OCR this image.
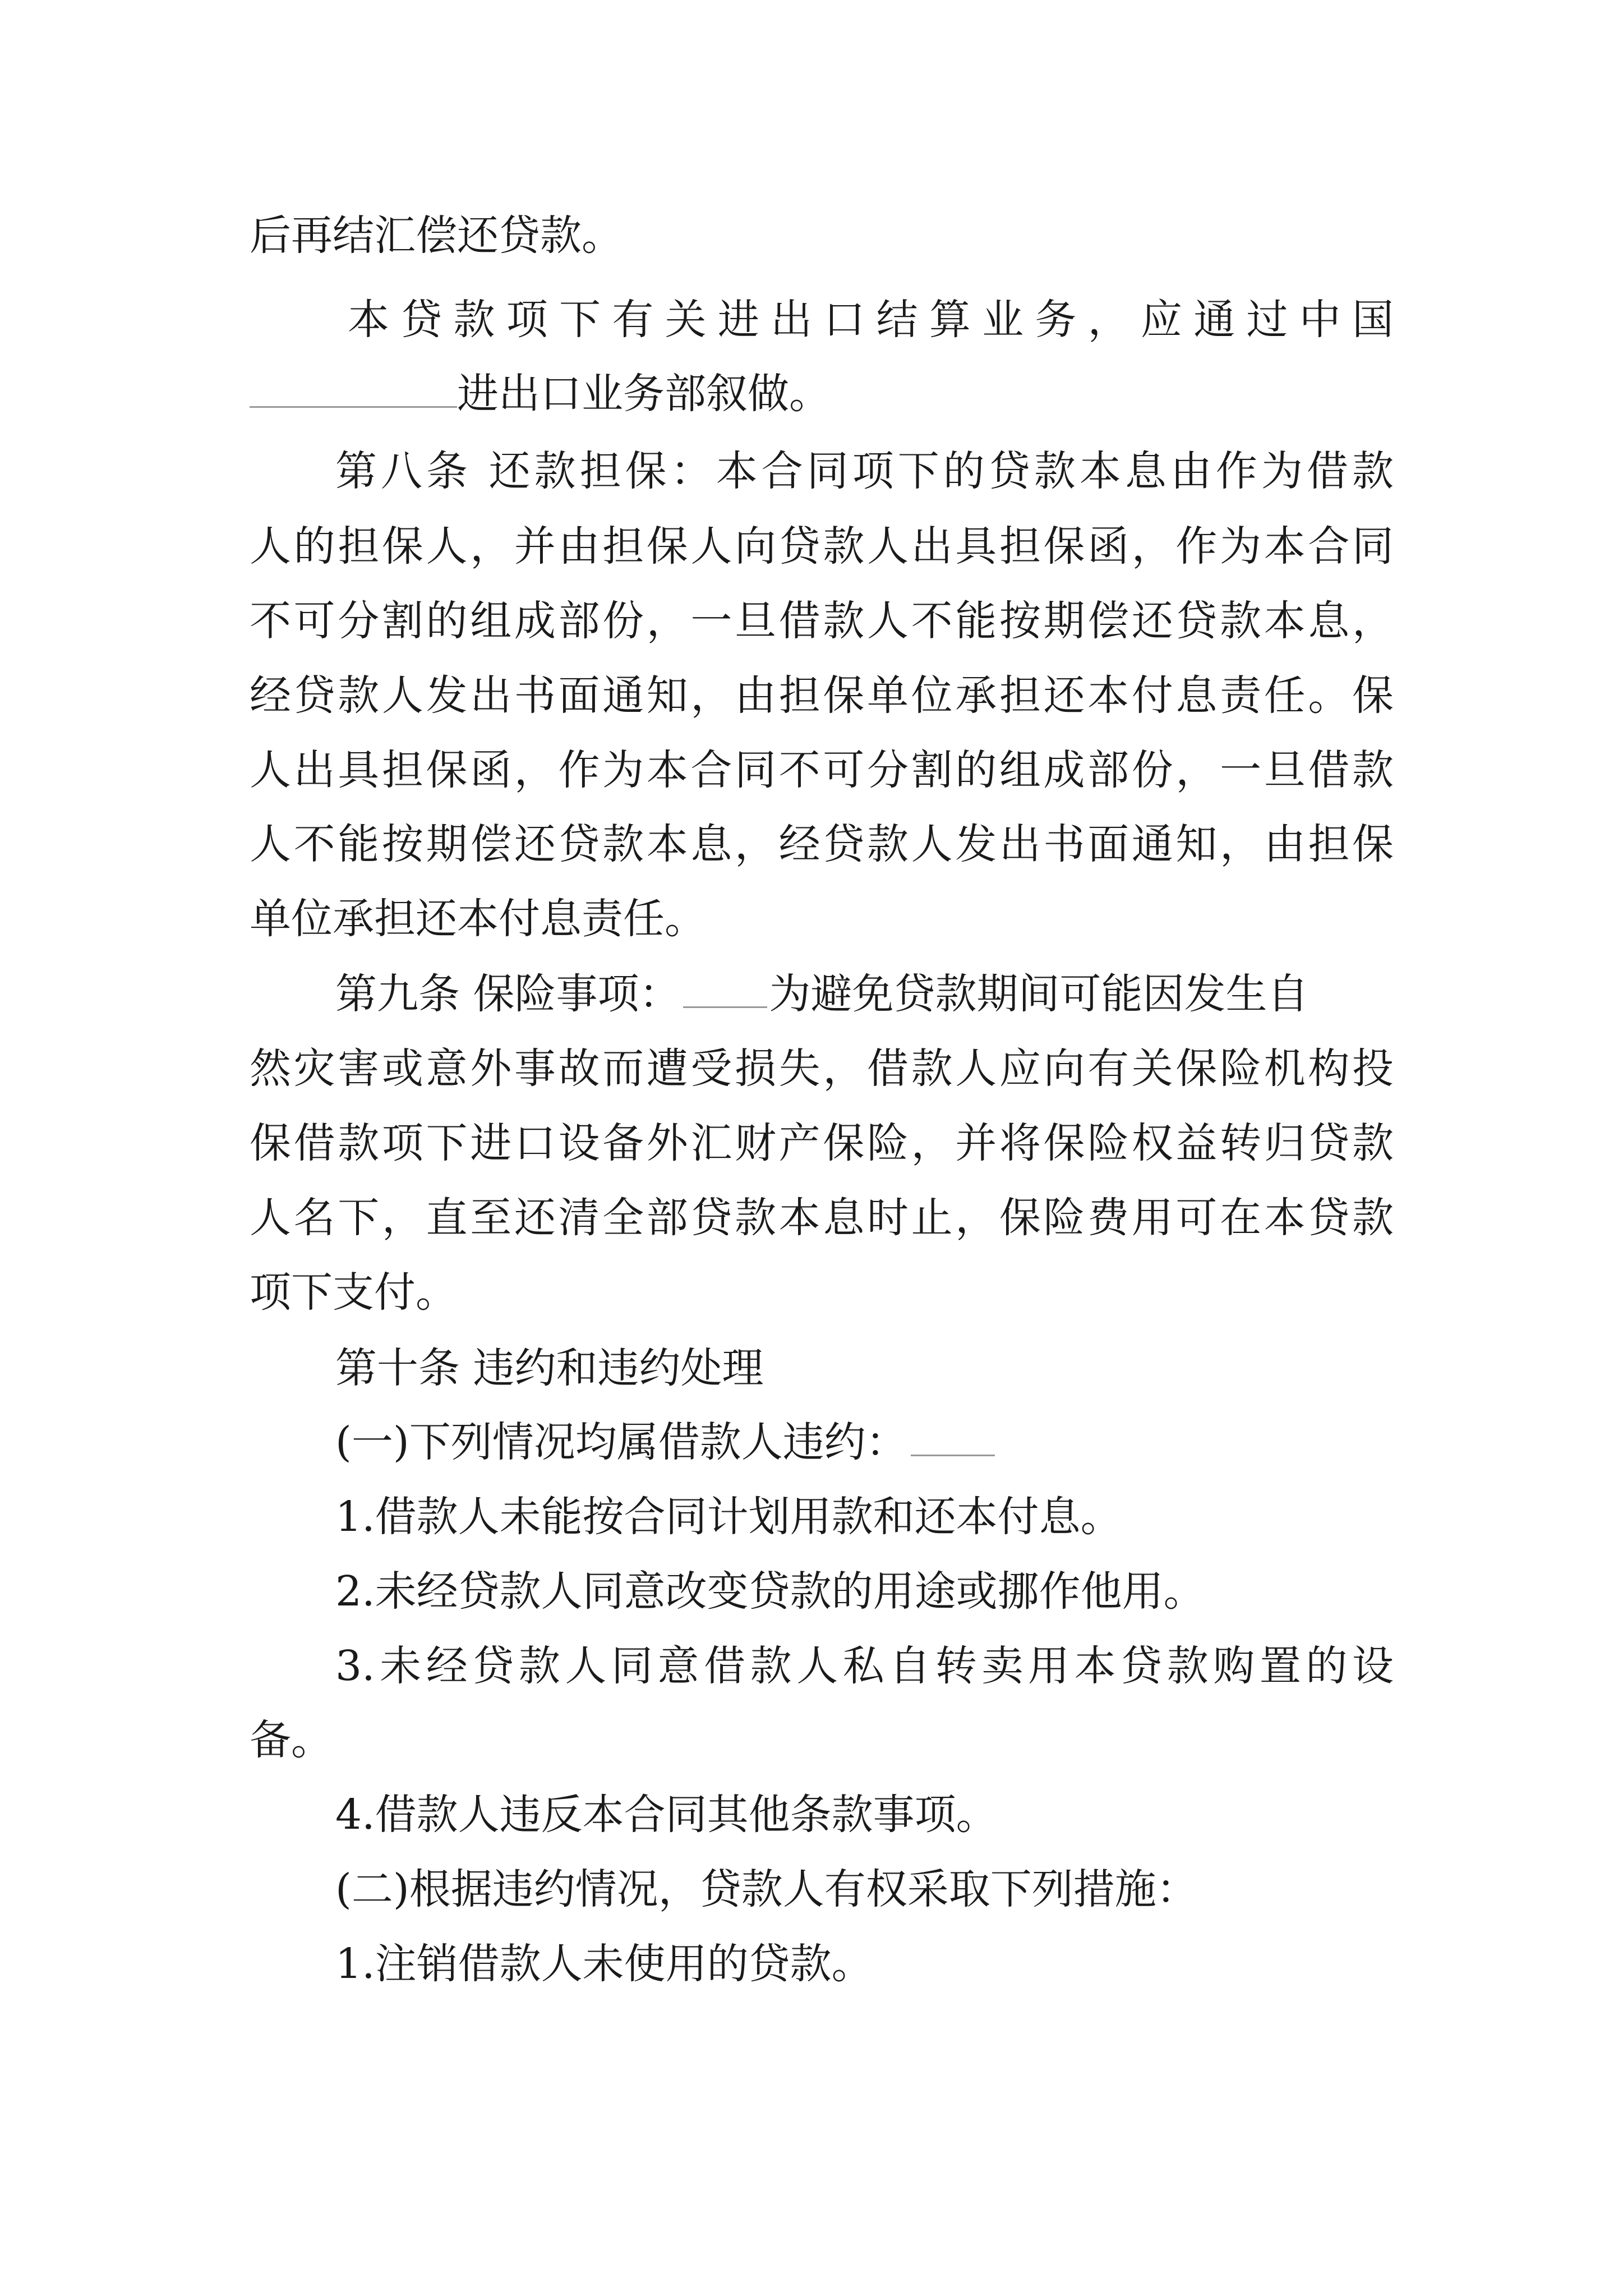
后再结汇偿还贷款。
本贷款项下有关进出口结算业务，应通过中国
进出口业务部叙做。
第八条 还款担保：本合同项下的贷款本息由作为借款
人的担保人，并由担保人向贷款人出具担保函，作为本合同
不可分割的组成部份，一旦借款人不能按期偿还贷款本息，
经贷款人发出书面通知，由担保单位承担还本付息责任。保
人出具担保函，作为本合同不可分割的组成部份，一旦借款
人不能按期偿还贷款本息，经贷款人发出书面通知，由担保
单位承担还本付息责任。
第九条 保险事项： 为避免贷款期间可能因发生自
然灾害或意外事故而遭受损失，借款人应向有关保险机构投
保借款项下进口设备外汇财产保险，并将保险权益转归贷款
人名下，直至还清全部贷款本息时止，保险费用可在本贷款
项下支付。
第十条 违约和违约处理
(一)下列情况均属借款人违约：
1.借款人未能按合同计划用款和还本付息。
2.未经贷款人同意改变贷款的用途或挪作他用。
3.未经贷款人同意借款人私自转卖用本贷款购置的设
备。
4.借款人违反本合同其他条款事项。
(二)根据违约情况，贷款人有权采取下列措施：
1.注销借款人未使用的贷款。
